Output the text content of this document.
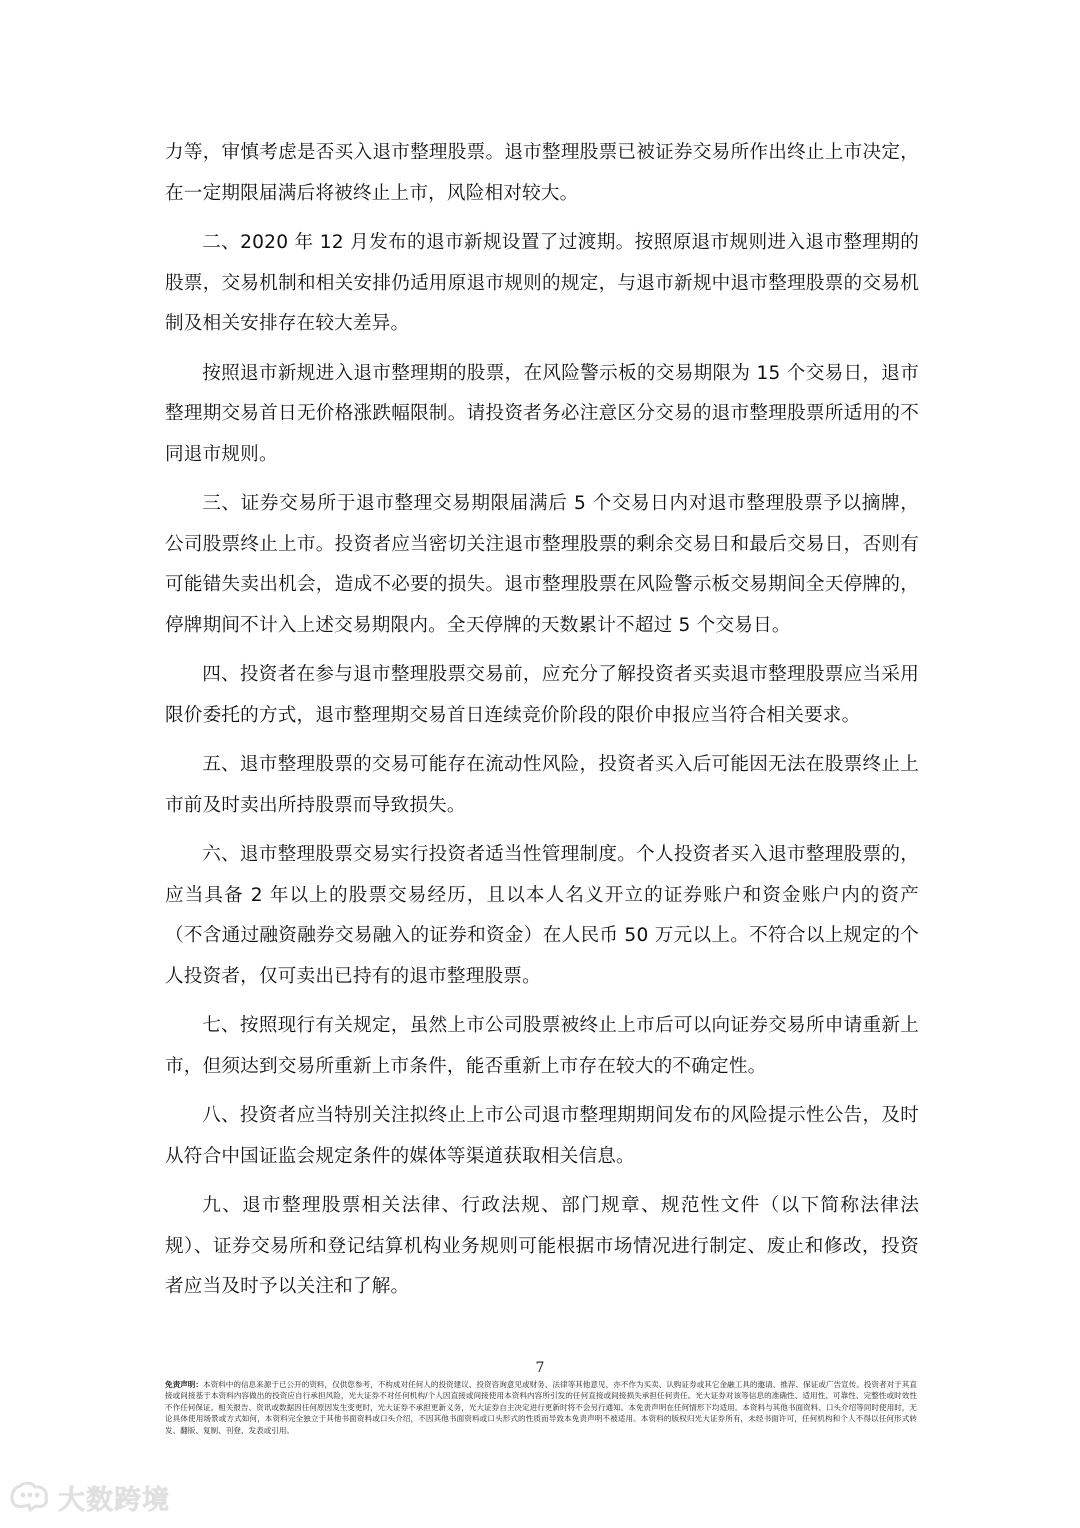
力等，审慎考虑是否买入退市整理股票。退市整理股票已被证券交易所作出终止上市决定，在一定期限届满后将被终止上市，风险相对较大。

二、2020 年 12 月发布的退市新规设置了过渡期。按照原退市规则进入退市整理期的股票，交易机制和相关安排仍适用原退市规则的规定，与退市新规中退市整理股票的交易机制及相关安排存在较大差异。

按照退市新规进入退市整理期的股票，在风险警示板的交易期限为 15 个交易日，退市整理期交易首日无价格涨跌幅限制。请投资者务必注意区分交易的退市整理股票所适用的不同退市规则。

三、证券交易所于退市整理交易期限届满后 5 个交易日内对退市整理股票予以摘牌，公司股票终止上市。投资者应当密切关注退市整理股票的剩余交易日和最后交易日，否则有可能错失卖出机会，造成不必要的损失。退市整理股票在风险警示板交易期间全天停牌的，停牌期间不计入上述交易期限内。全天停牌的天数累计不超过 5 个交易日。

四、投资者在参与退市整理股票交易前，应充分了解投资者买卖退市整理股票应当采用限价委托的方式，退市整理期交易首日连续竞价阶段的限价申报应当符合相关要求。

五、退市整理股票的交易可能存在流动性风险，投资者买入后可能因无法在股票终止上市前及时卖出所持股票而导致损失。

六、退市整理股票交易实行投资者适当性管理制度。个人投资者买入退市整理股票的，应当具备 2 年以上的股票交易经历，且以本人名义开立的证券账户和资金账户内的资产（不含通过融资融券交易融入的证券和资金）在人民币 50 万元以上。不符合以上规定的个人投资者，仅可卖出已持有的退市整理股票。

七、按照现行有关规定，虽然上市公司股票被终止上市后可以向证券交易所申请重新上市，但须达到交易所重新上市条件，能否重新上市存在较大的不确定性。

八、投资者应当特别关注拟终止上市公司退市整理期期间发布的风险提示性公告，及时从符合中国证监会规定条件的媒体等渠道获取相关信息。

九、退市整理股票相关法律、行政法规、部门规章、规范性文件（以下简称法律法规）、证券交易所和登记结算机构业务规则可能根据市场情况进行制定、废止和修改，投资者应当及时予以关注和了解。

7
免责声明：本资料中的信息来源于已公开的资料，仅供您参考，不构成对任何人的投资建议、投资咨询意见或财务、法律等其他意见，亦不作为买卖、认购证券或其它金融工具的邀请、推荐、保证或广告宣传。投资者对于其直接或间接基于本资料内容做出的投资应自行承担风险，光大证券不对任何机构/个人因直接或间接使用本资料内容所引发的任何直接或间接损失承担任何责任。光大证券对该等信息的准确性、适用性、可靠性、完整性或时效性不作任何保证。相关报告、资讯或数据因任何原因发生变更时，光大证券不承担更新义务，光大证券自主决定进行更新时将不会另行通知。本免责声明在任何情形下均适用。本资料与其他书面资料、口头介绍等同时使用时，无论具体使用场景或方式如何，本资料完全独立于其他书面资料或口头介绍，不因其他书面资料或口头形式的性质而导致本免责声明不被适用。本资料的版权归光大证券所有，未经书面许可，任何机构和个人不得以任何形式转发、翻版、复制、刊登、发表或引用。
大数跨境
